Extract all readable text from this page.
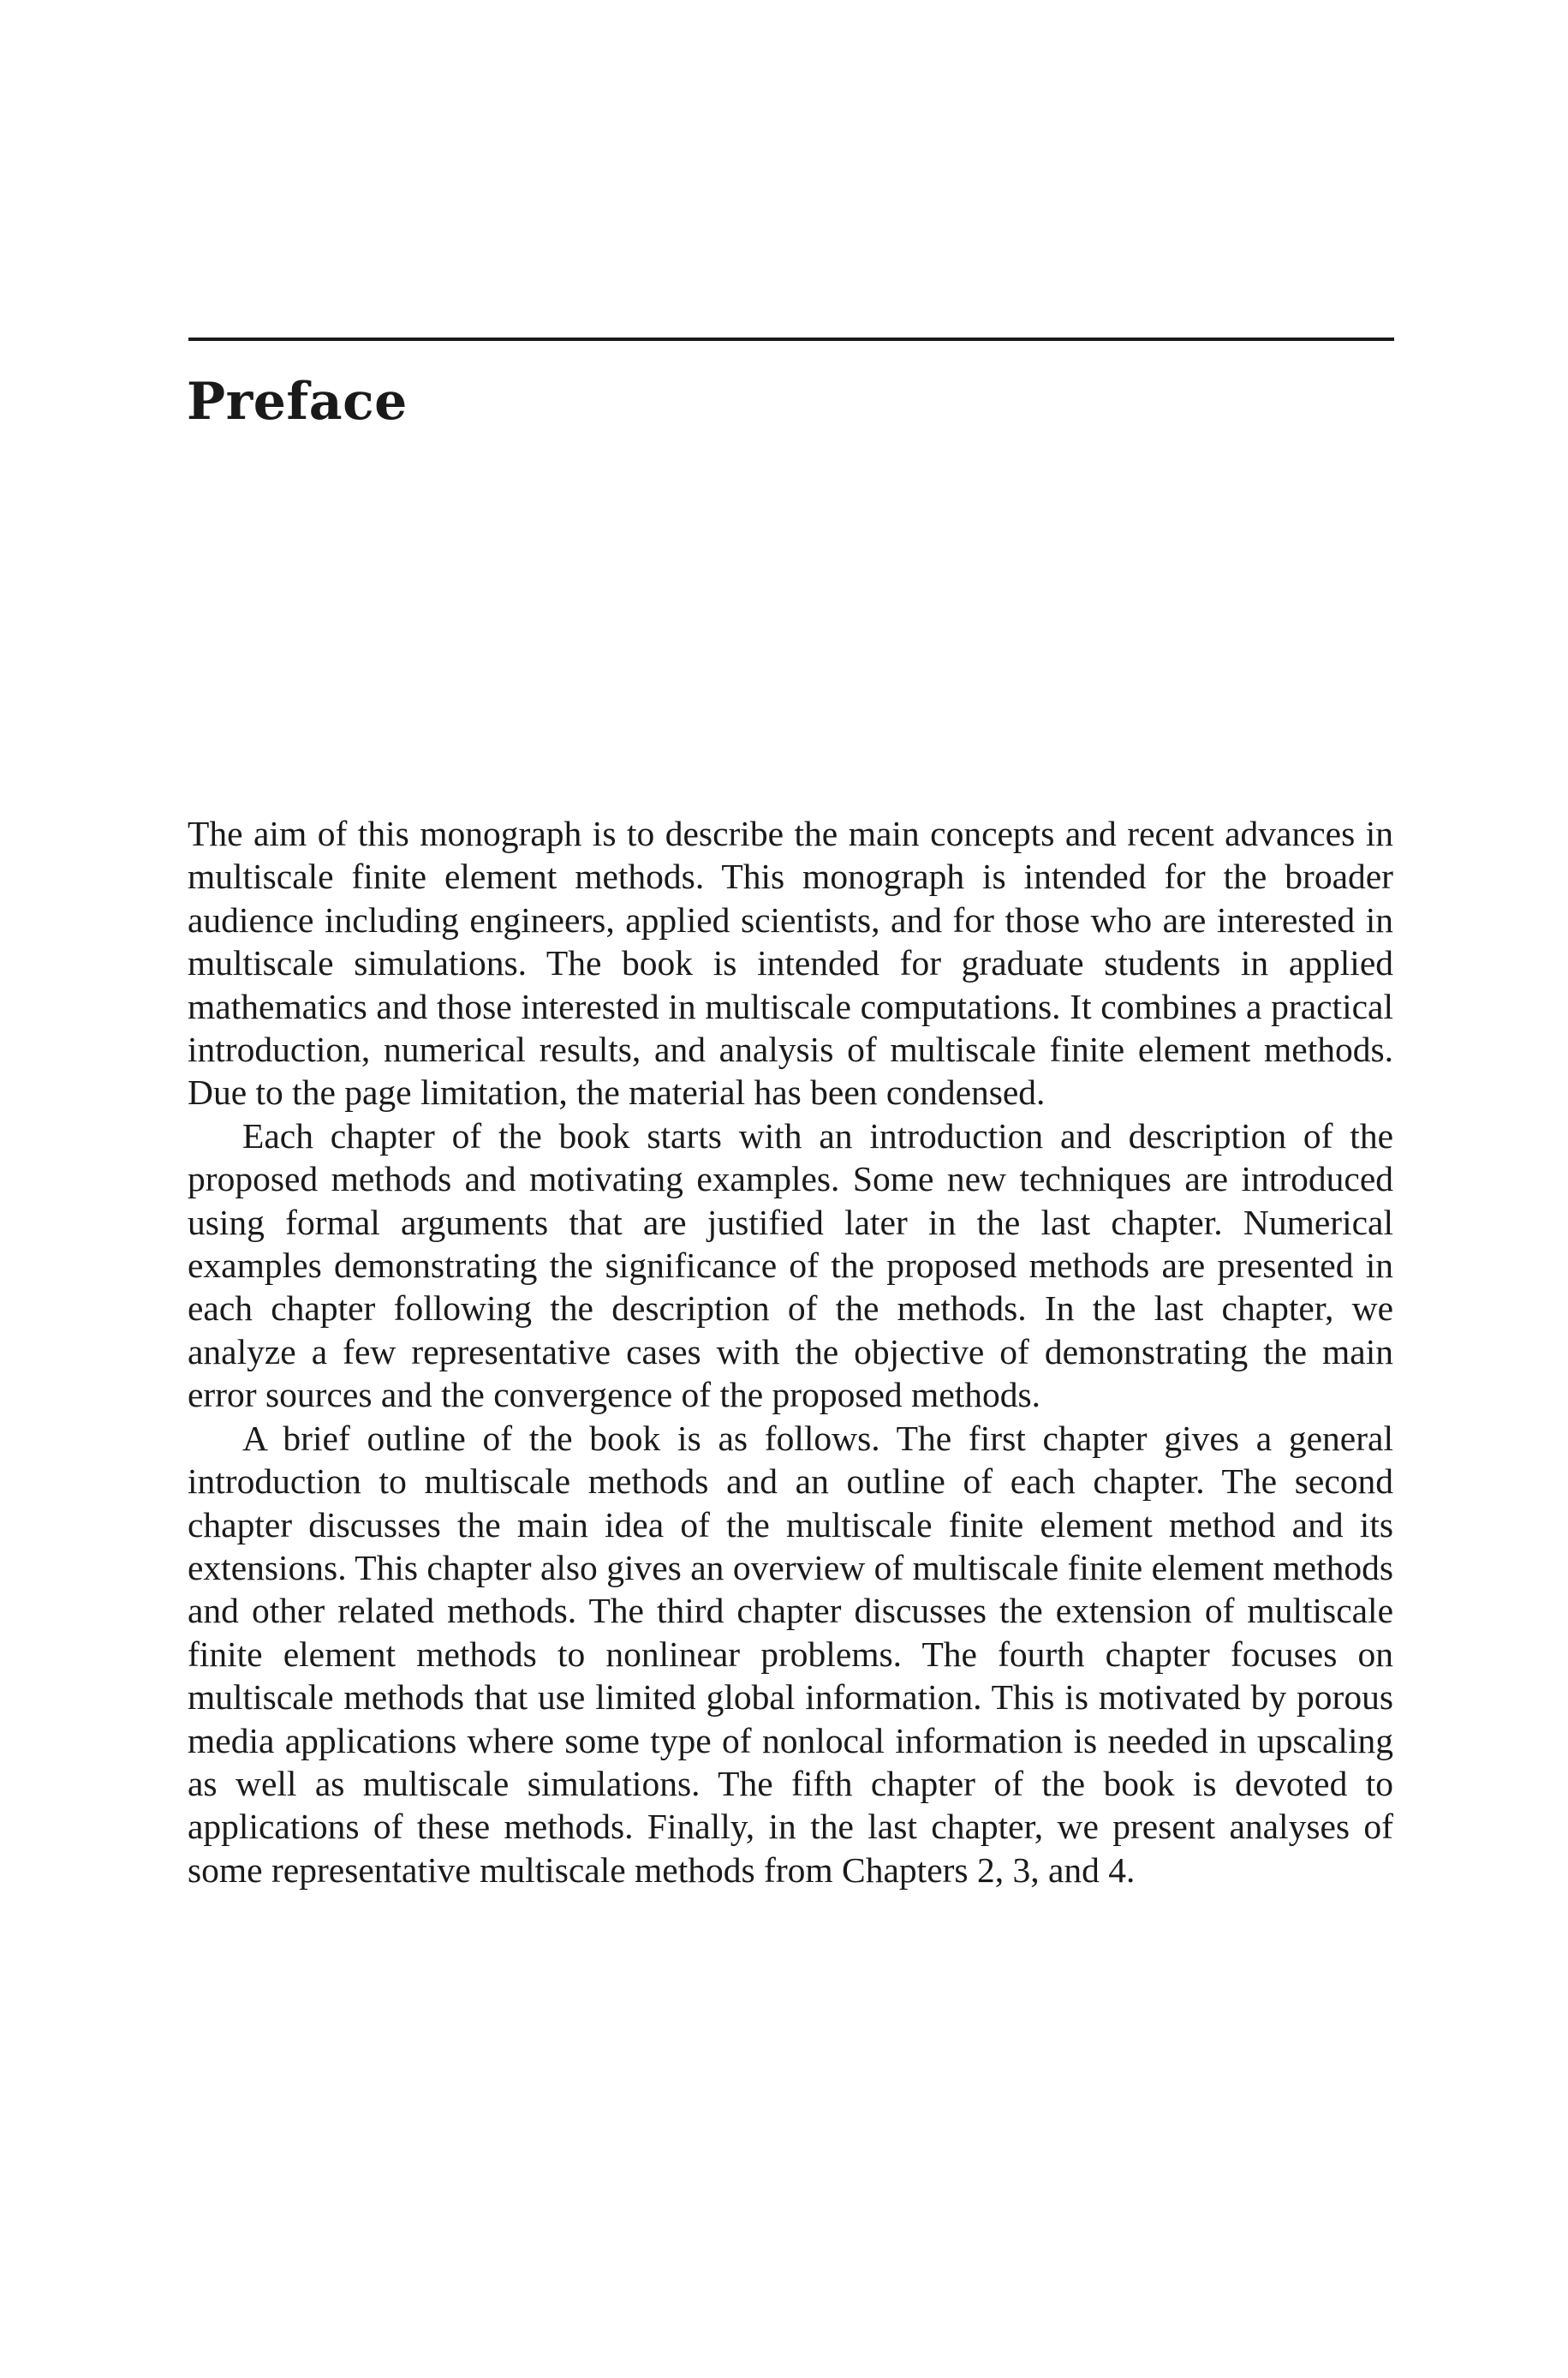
Preface

The aim of this monograph is to describe the main concepts and recent advances in multiscale finite element methods. This monograph is intended for the broader audience including engineers, applied scientists, and for those who are interested in multiscale simulations. The book is intended for graduate students in applied mathematics and those interested in multiscale computations. It combines a practical introduction, numerical results, and analysis of multiscale finite element methods. Due to the page limitation, the material has been condensed.

Each chapter of the book starts with an introduction and description of the proposed methods and motivating examples. Some new techniques are introduced using formal arguments that are justified later in the last chapter. Numerical examples demonstrating the significance of the proposed methods are presented in each chapter following the description of the methods. In the last chapter, we analyze a few representative cases with the objective of demonstrating the main error sources and the convergence of the proposed methods.

A brief outline of the book is as follows. The first chapter gives a general introduction to multiscale methods and an outline of each chapter. The second chapter discusses the main idea of the multiscale finite element method and its extensions. This chapter also gives an overview of multiscale finite element methods and other related methods. The third chapter discusses the extension of multiscale finite element methods to nonlinear problems. The fourth chapter focuses on multiscale methods that use limited global information. This is motivated by porous media applications where some type of nonlocal information is needed in upscaling as well as multiscale simulations. The fifth chapter of the book is devoted to applications of these methods. Finally, in the last chapter, we present analyses of some representative multiscale methods from Chapters 2, 3, and 4.
